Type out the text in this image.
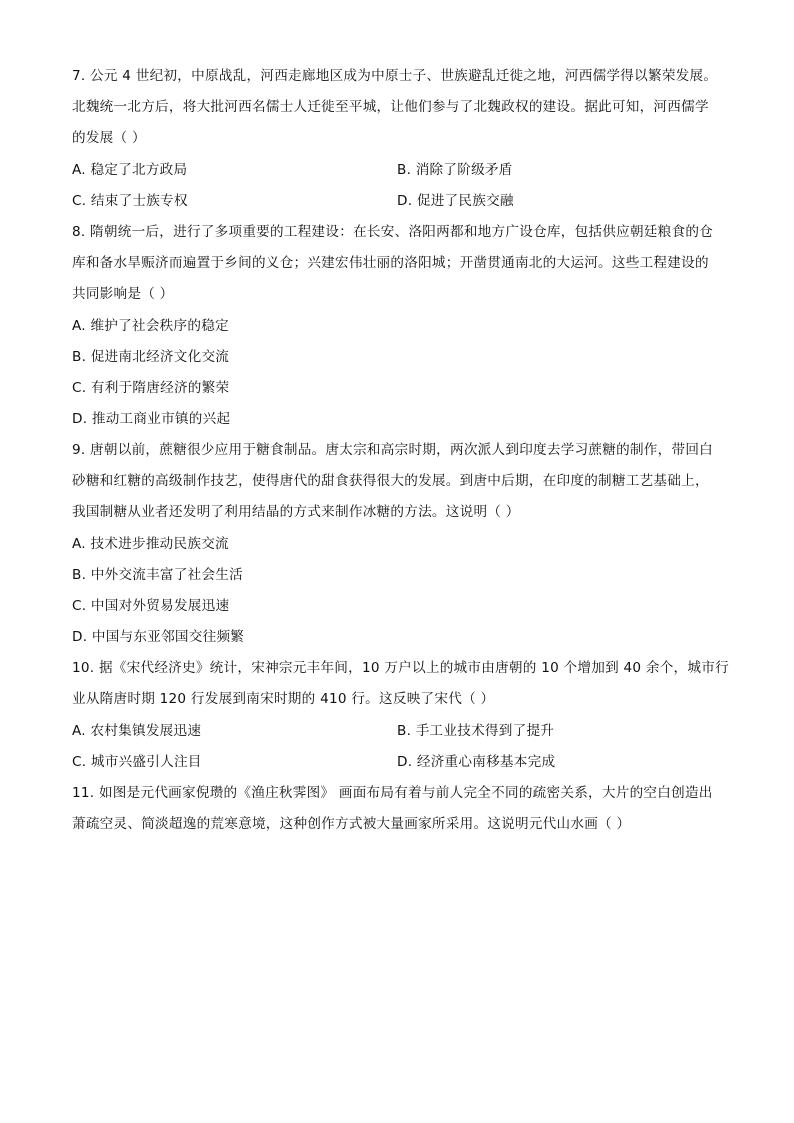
7. 公元 4 世纪初，中原战乱，河西走廊地区成为中原士子、世族避乱迁徙之地，河西儒学得以繁荣发展。
北魏统一北方后，将大批河西名儒士人迁徙至平城，让他们参与了北魏政权的建设。据此可知，河西儒学
的发展（ ）
A. 稳定了北方政局	B. 消除了阶级矛盾
C. 结束了士族专权	D. 促进了民族交融
8. 隋朝统一后，进行了多项重要的工程建设：在长安、洛阳两都和地方广设仓库，包括供应朝廷粮食的仓
库和备水旱赈济而遍置于乡间的义仓；兴建宏伟壮丽的洛阳城；开凿贯通南北的大运河。这些工程建设的
共同影响是（ ）
A. 维护了社会秩序的稳定
B. 促进南北经济文化交流
C. 有利于隋唐经济的繁荣
D. 推动工商业市镇的兴起
9. 唐朝以前，蔗糖很少应用于糖食制品。唐太宗和高宗时期，两次派人到印度去学习蔗糖的制作，带回白
砂糖和红糖的高级制作技艺，使得唐代的甜食获得很大的发展。到唐中后期，在印度的制糖工艺基础上，
我国制糖从业者还发明了利用结晶的方式来制作冰糖的方法。这说明（ ）
A. 技术进步推动民族交流
B. 中外交流丰富了社会生活
C. 中国对外贸易发展迅速
D. 中国与东亚邻国交往频繁
10. 据《宋代经济史》统计，宋神宗元丰年间，10 万户以上的城市由唐朝的 10 个增加到 40 余个，城市行
业从隋唐时期 120 行发展到南宋时期的 410 行。这反映了宋代（ ）
A. 农村集镇发展迅速	B. 手工业技术得到了提升
C. 城市兴盛引人注目	D. 经济重心南移基本完成
11. 如图是元代画家倪瓒的《渔庄秋霁图》 画面布局有着与前人完全不同的疏密关系，大片的空白创造出
萧疏空灵、简淡超逸的荒寒意境，这种创作方式被大量画家所采用。这说明元代山水画（ ）
